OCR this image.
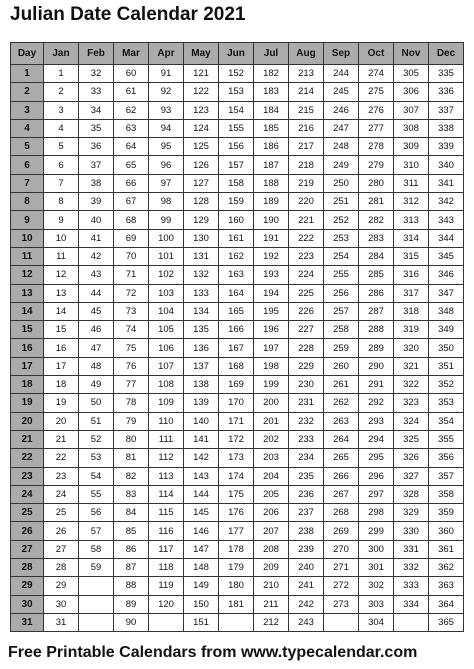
Julian Date Calendar 2021
Day	Jan	Feb	Mar	Apr	May	Jun	Jul	Aug	Sep	Oct	Nov	Dec
1	1	32	60	91	121	152	182	213	244	274	305	335
2	2	33	61	92	122	153	183	214	245	275	306	336
3	3	34	62	93	123	154	184	215	246	276	307	337
4	4	35	63	94	124	155	185	216	247	277	308	338
5	5	36	64	95	125	156	186	217	248	278	309	339
6	6	37	65	96	126	157	187	218	249	279	310	340
7	7	38	66	97	127	158	188	219	250	280	311	341
8	8	39	67	98	128	159	189	220	251	281	312	342
9	9	40	68	99	129	160	190	221	252	282	313	343
10	10	41	69	100	130	161	191	222	253	283	314	344
11	11	42	70	101	131	162	192	223	254	284	315	345
12	12	43	71	102	132	163	193	224	255	285	316	346
13	13	44	72	103	133	164	194	225	256	286	317	347
14	14	45	73	104	134	165	195	226	257	287	318	348
15	15	46	74	105	135	166	196	227	258	288	319	349
16	16	47	75	106	136	167	197	228	259	289	320	350
17	17	48	76	107	137	168	198	229	260	290	321	351
18	18	49	77	108	138	169	199	230	261	291	322	352
19	19	50	78	109	139	170	200	231	262	292	323	353
20	20	51	79	110	140	171	201	232	263	293	324	354
21	21	52	80	111	141	172	202	233	264	294	325	355
22	22	53	81	112	142	173	203	234	265	295	326	356
23	23	54	82	113	143	174	204	235	266	296	327	357
24	24	55	83	114	144	175	205	236	267	297	328	358
25	25	56	84	115	145	176	206	237	268	298	329	359
26	26	57	85	116	146	177	207	238	269	299	330	360
27	27	58	86	117	147	178	208	239	270	300	331	361
28	28	59	87	118	148	179	209	240	271	301	332	362
29	29		88	119	149	180	210	241	272	302	333	363
30	30		89	120	150	181	211	242	273	303	334	364
31	31		90		151		212	243		304		365
Free Printable Calendars from www.typecalendar.com
